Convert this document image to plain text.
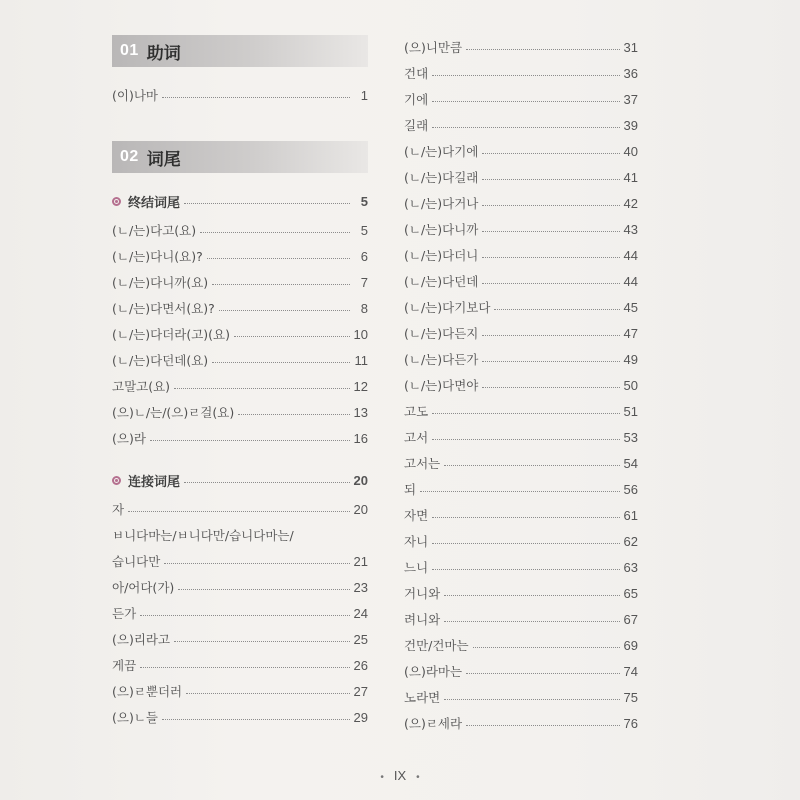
01 助词
(이)나마	1
02 词尾
终结词尾	5
(ㄴ/는)다고(요)	5
(ㄴ/는)다니(요)?	6
(ㄴ/는)다니까(요)	7
(ㄴ/는)다면서(요)?	8
(ㄴ/는)다더라(고)(요)	10
(ㄴ/는)다던데(요)	11
고말고(요)	12
(으)ㄴ/는/(으)ㄹ걸(요)	13
(으)라	16
连接词尾	20
자	20
ㅂ니다마는/ㅂ니다만/습니다마는/
습니다만	21
아/어다(가)	23
든가	24
(으)리라고	25
게끔	26
(으)ㄹ뿐더러	27
(으)ㄴ들	29
(으)니만큼	31
건대	36
기에	37
길래	39
(ㄴ/는)다기에	40
(ㄴ/는)다길래	41
(ㄴ/는)다거나	42
(ㄴ/는)다니까	43
(ㄴ/는)다더니	44
(ㄴ/는)다던데	44
(ㄴ/는)다기보다	45
(ㄴ/는)다든지	47
(ㄴ/는)다든가	49
(ㄴ/는)다면야	50
고도	51
고서	53
고서는	54
되	56
자면	61
자니	62
느니	63
거니와	65
려니와	67
건만/건마는	69
(으)라마는	74
노라면	75
(으)ㄹ세라	76
• IX •
